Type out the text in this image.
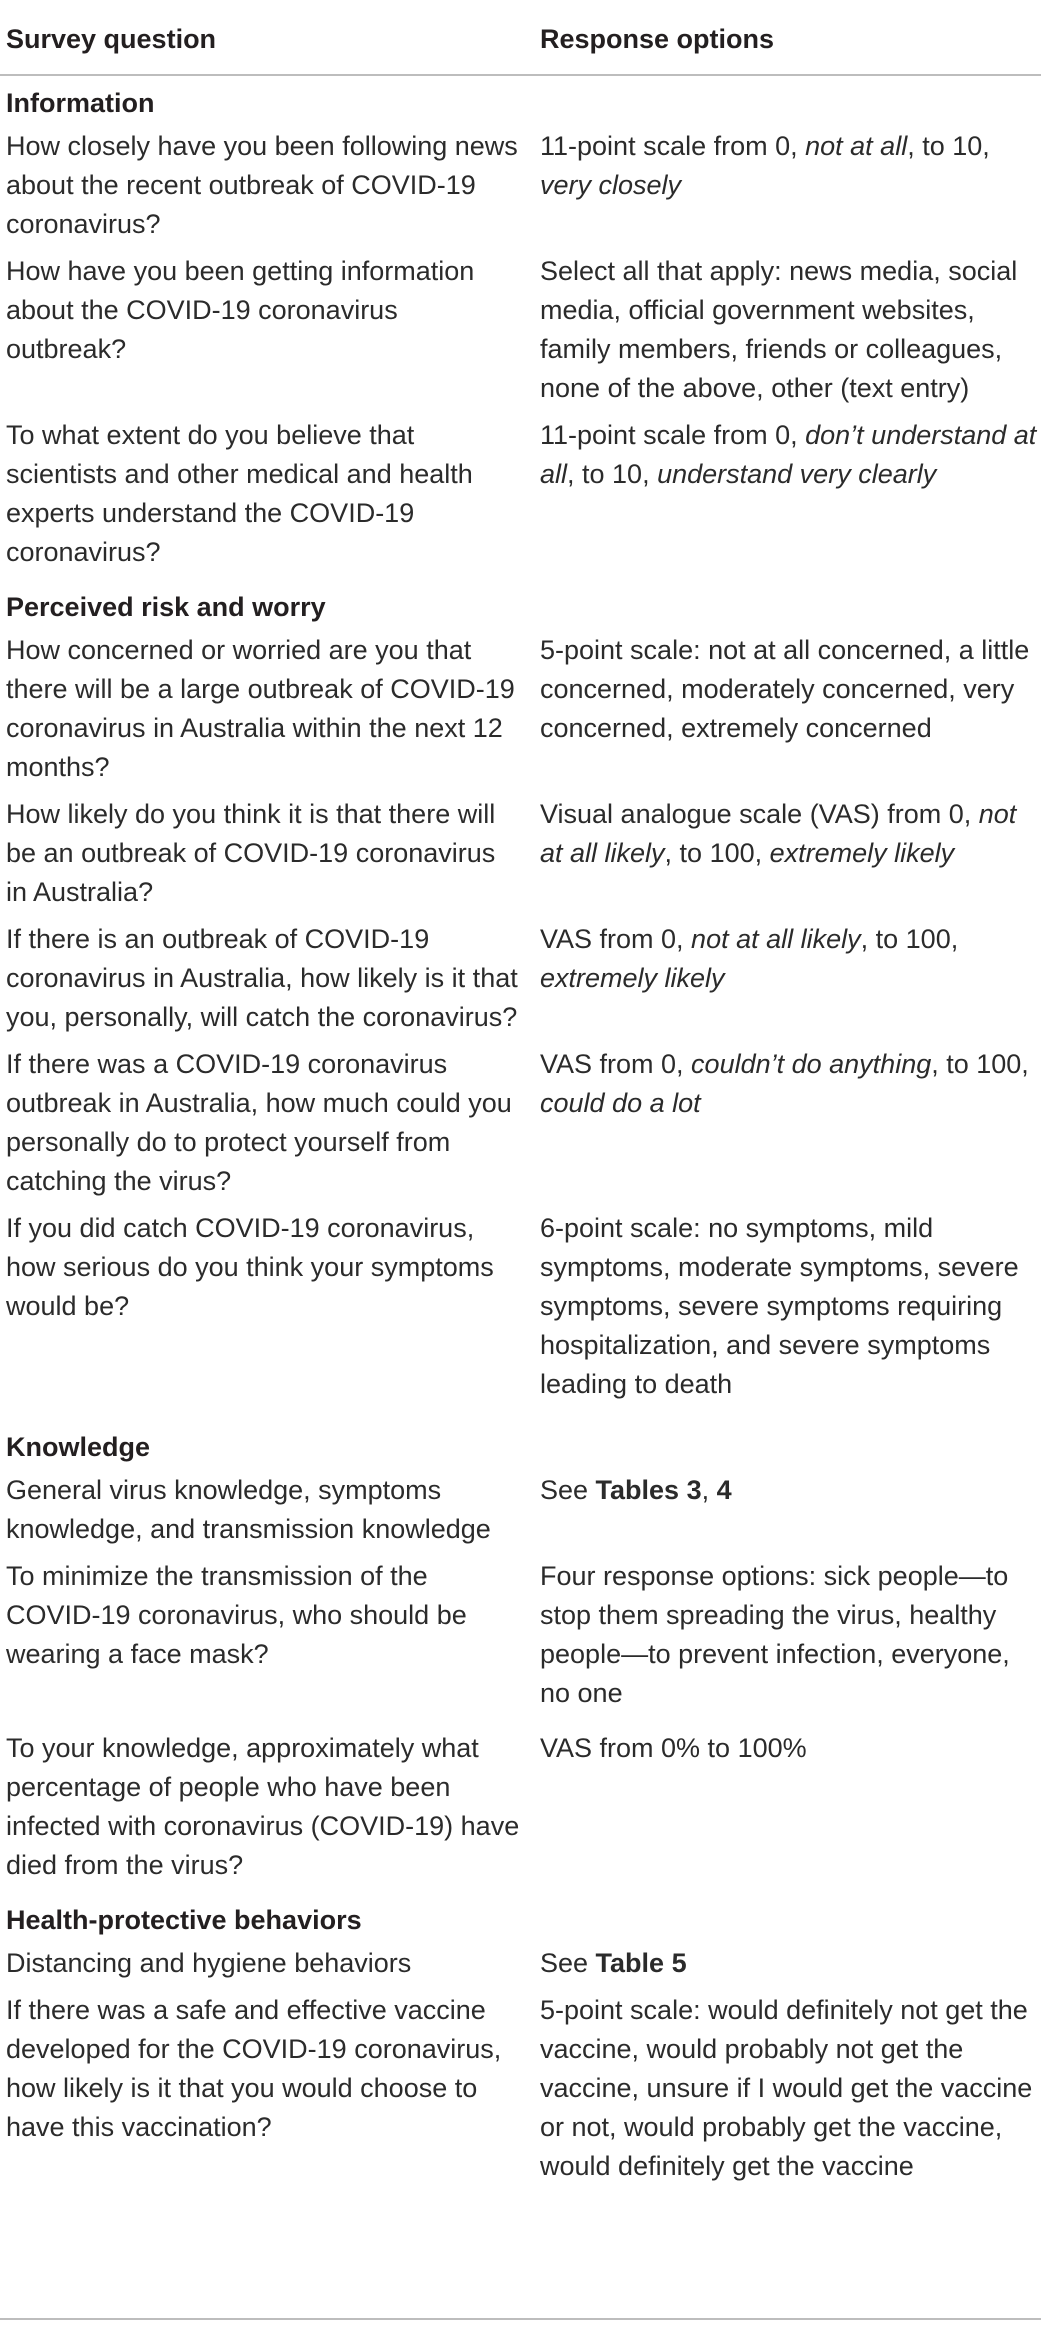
Survey question	Response options
Information	
How closely have you been following news about the recent outbreak of COVID-19 coronavirus?	11-point scale from 0, not at all, to 10, very closely
How have you been getting information about the COVID-19 coronavirus outbreak?	Select all that apply: news media, social media, official government websites, family members, friends or colleagues, none of the above, other (text entry)
To what extent do you believe that scientists and other medical and health experts understand the COVID-19 coronavirus?	11-point scale from 0, don’t understand at all, to 10, understand very clearly
Perceived risk and worry	
How concerned or worried are you that there will be a large outbreak of COVID-19 coronavirus in Australia within the next 12 months?	5-point scale: not at all concerned, a little concerned, moderately concerned, very concerned, extremely concerned
How likely do you think it is that there will be an outbreak of COVID-19 coronavirus in Australia?	Visual analogue scale (VAS) from 0, not at all likely, to 100, extremely likely
If there is an outbreak of COVID-19 coronavirus in Australia, how likely is it that you, personally, will catch the coronavirus?	VAS from 0, not at all likely, to 100, extremely likely
If there was a COVID-19 coronavirus outbreak in Australia, how much could you personally do to protect yourself from catching the virus?	VAS from 0, couldn’t do anything, to 100, could do a lot
If you did catch COVID-19 coronavirus, how serious do you think your symptoms would be?	6-point scale: no symptoms, mild symptoms, moderate symptoms, severe symptoms, severe symptoms requiring hospitalization, and severe symptoms leading to death
Knowledge	
General virus knowledge, symptoms knowledge, and transmission knowledge	See Tables 3, 4
To minimize the transmission of the COVID-19 coronavirus, who should be wearing a face mask?	Four response options: sick people—to stop them spreading the virus, healthy people—to prevent infection, everyone, no one
To your knowledge, approximately what percentage of people who have been infected with coronavirus (COVID-19) have died from the virus?	VAS from 0% to 100%
Health-protective behaviors	
Distancing and hygiene behaviors	See Table 5
If there was a safe and effective vaccine developed for the COVID-19 coronavirus, how likely is it that you would choose to have this vaccination?	5-point scale: would definitely not get the vaccine, would probably not get the vaccine, unsure if I would get the vaccine or not, would probably get the vaccine, would definitely get the vaccine
